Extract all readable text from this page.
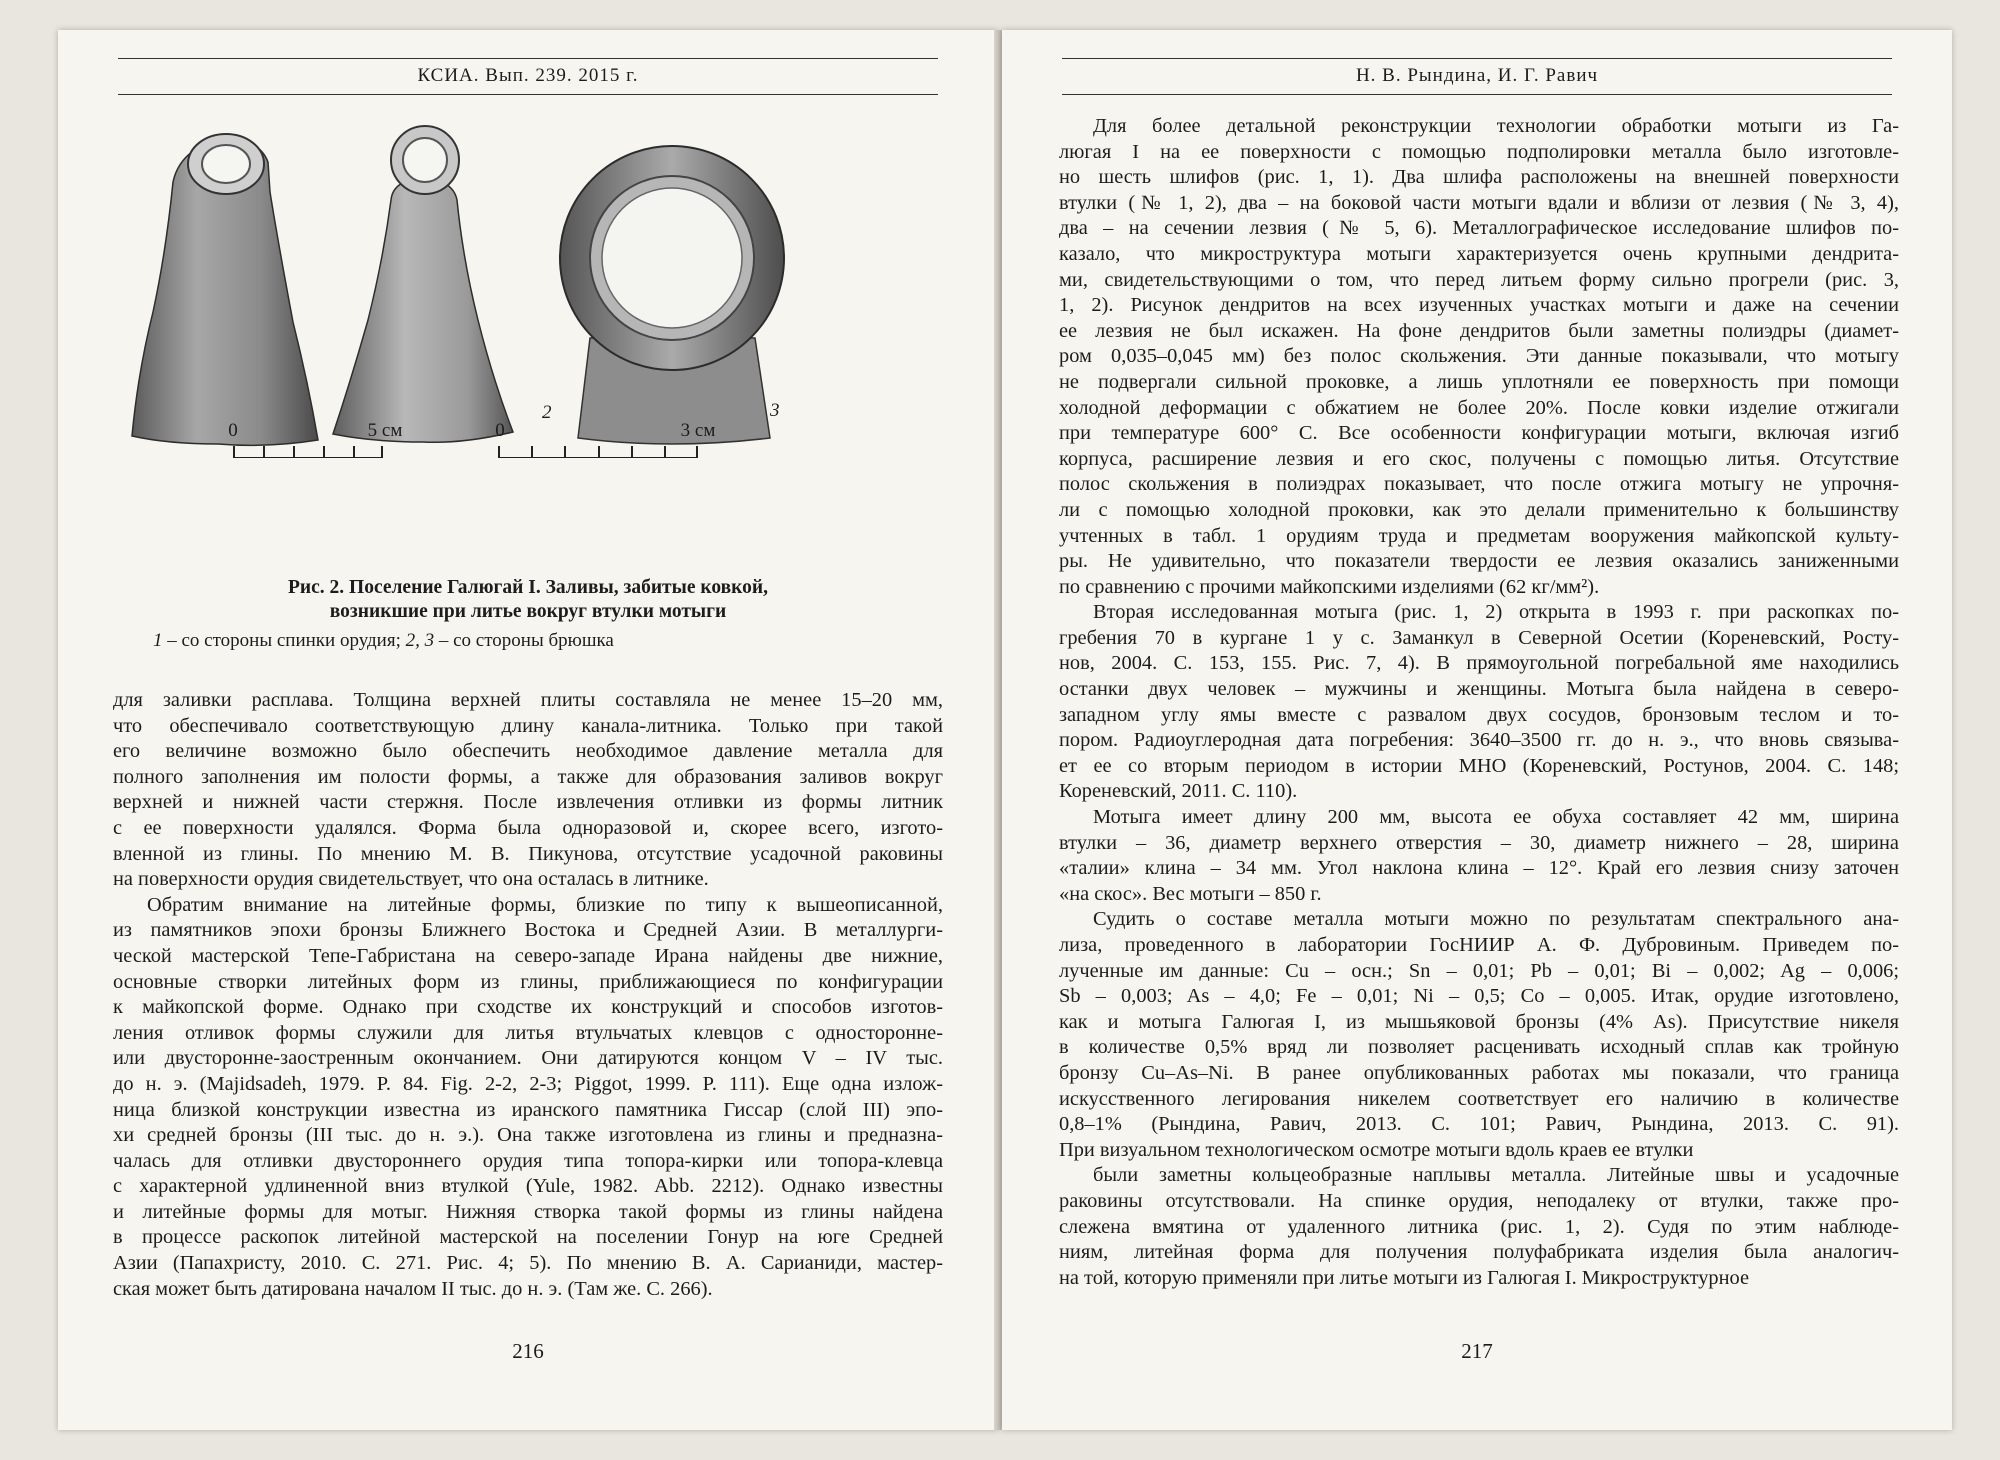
КСИА. Вып. 239. 2015 г.
2	3
0	5 см	0	3 см
Рис. 2. Поселение Галюгай I. Заливы, забитые ковкой,
возникшие при литье вокруг втулки мотыги
1 – со стороны спинки орудия; 2, 3 – со стороны брюшка

для заливки расплава. Толщина верхней плиты составляла не менее 15–20 мм,

что обеспечивало соответствующую длину канала-литника. Только при такой

его величине возможно было обеспечить необходимое давление металла для

полного заполнения им полости формы, а также для образования заливов вокруг

верхней и нижней части стержня. После извлечения отливки из формы литник

с ее поверхности удалялся. Форма была одноразовой и, скорее всего, изгото-

вленной из глины. По мнению М. В. Пикунова, отсутствие усадочной раковины

на поверхности орудия свидетельствует, что она осталась в литнике.

Обратим внимание на литейные формы, близкие по типу к вышеописанной,

из памятников эпохи бронзы Ближнего Востока и Средней Азии. В металлурги-

ческой мастерской Тепе-Габристана на северо-западе Ирана найдены две нижние,

основные створки литейных форм из глины, приближающиеся по конфигурации

к майкопской форме. Однако при сходстве их конструкций и способов изготов-

ления отливок формы служили для литья втульчатых клевцов с односторонне-

или двусторонне-заостренным окончанием. Они датируются концом V – IV тыс.

до н. э. (Majidsadeh, 1979. P. 84. Fig. 2-2, 2-3; Piggot, 1999. P. 111). Еще одна излож-

ница близкой конструкции известна из иранского памятника Гиссар (слой III) эпо-

хи средней бронзы (III тыс. до н. э.). Она также изготовлена из глины и предназна-

чалась для отливки двустороннего орудия типа топора-кирки или топора-клевца

с характерной удлиненной вниз втулкой (Yule, 1982. Abb. 2212). Однако известны

и литейные формы для мотыг. Нижняя створка такой формы из глины найдена

в процессе раскопок литейной мастерской на поселении Гонур на юге Средней

Азии (Папахристу, 2010. С. 271. Рис. 4; 5). По мнению В. А. Сарианиди, мастер-

ская может быть датирована началом II тыс. до н. э. (Там же. С. 266).

216
Н. В. Рындина, И. Г. Равич

Для более детальной реконструкции технологии обработки мотыги из Га-

люгая I на ее поверхности с помощью подполировки металла было изготовле-

но шесть шлифов (рис. 1, 1). Два шлифа расположены на внешней поверхности

втулки (№ 1, 2), два – на боковой части мотыги вдали и вблизи от лезвия (№ 3, 4),

два – на сечении лезвия (№ 5, 6). Металлографическое исследование шлифов по-

казало, что микроструктура мотыги характеризуется очень крупными дендрита-

ми, свидетельствующими о том, что перед литьем форму сильно прогрели (рис. 3,

1, 2). Рисунок дендритов на всех изученных участках мотыги и даже на сечении

ее лезвия не был искажен. На фоне дендритов были заметны полиэдры (диамет-

ром 0,035–0,045 мм) без полос скольжения. Эти данные показывали, что мотыгу

не подвергали сильной проковке, а лишь уплотняли ее поверхность при помощи

холодной деформации с обжатием не более 20%. После ковки изделие отжигали

при температуре 600° С. Все особенности конфигурации мотыги, включая изгиб

корпуса, расширение лезвия и его скос, получены с помощью литья. Отсутствие

полос скольжения в полиэдрах показывает, что после отжига мотыгу не упрочня-

ли с помощью холодной проковки, как это делали применительно к большинству

учтенных в табл. 1 орудиям труда и предметам вооружения майкопской культу-

ры. Не удивительно, что показатели твердости ее лезвия оказались заниженными

по сравнению с прочими майкопскими изделиями (62 кг/мм²).

Вторая исследованная мотыга (рис. 1, 2) открыта в 1993 г. при раскопках по-

гребения 70 в кургане 1 у с. Заманкул в Северной Осетии (Кореневский, Росту-

нов, 2004. С. 153, 155. Рис. 7, 4). В прямоугольной погребальной яме находились

останки двух человек – мужчины и женщины. Мотыга была найдена в северо-

западном углу ямы вместе с развалом двух сосудов, бронзовым теслом и то-

пором. Радиоуглеродная дата погребения: 3640–3500 гг. до н. э., что вновь связыва-

ет ее со вторым периодом в истории МНО (Кореневский, Ростунов, 2004. С. 148;

Кореневский, 2011. С. 110).

Мотыга имеет длину 200 мм, высота ее обуха составляет 42 мм, ширина

втулки – 36, диаметр верхнего отверстия – 30, диаметр нижнего – 28, ширина

«талии» клина – 34 мм. Угол наклона клина – 12°. Край его лезвия снизу заточен

«на скос». Вес мотыги – 850 г.

Судить о составе металла мотыги можно по результатам спектрального ана-

лиза, проведенного в лаборатории ГосНИИР А. Ф. Дубровиным. Приведем по-

лученные им данные: Cu – осн.; Sn – 0,01; Pb – 0,01; Bi – 0,002; Ag – 0,006;

Sb – 0,003; As – 4,0; Fe – 0,01; Ni – 0,5; Co – 0,005. Итак, орудие изготовлено,

как и мотыга Галюгая I, из мышьяковой бронзы (4% As). Присутствие никеля

в количестве 0,5% вряд ли позволяет расценивать исходный сплав как тройную

бронзу Cu–As–Ni. В ранее опубликованных работах мы показали, что граница

искусственного легирования никелем соответствует его наличию в количестве

0,8–1% (Рындина, Равич, 2013. С. 101; Равич, Рындина, 2013. С. 91).

При визуальном технологическом осмотре мотыги вдоль краев ее втулки

были заметны кольцеобразные наплывы металла. Литейные швы и усадочные

раковины отсутствовали. На спинке орудия, неподалеку от втулки, также про-

слежена вмятина от удаленного литника (рис. 1, 2). Судя по этим наблюде-

ниям, литейная форма для получения полуфабриката изделия была аналогич-

на той, которую применяли при литье мотыги из Галюгая I. Микроструктурное

217
